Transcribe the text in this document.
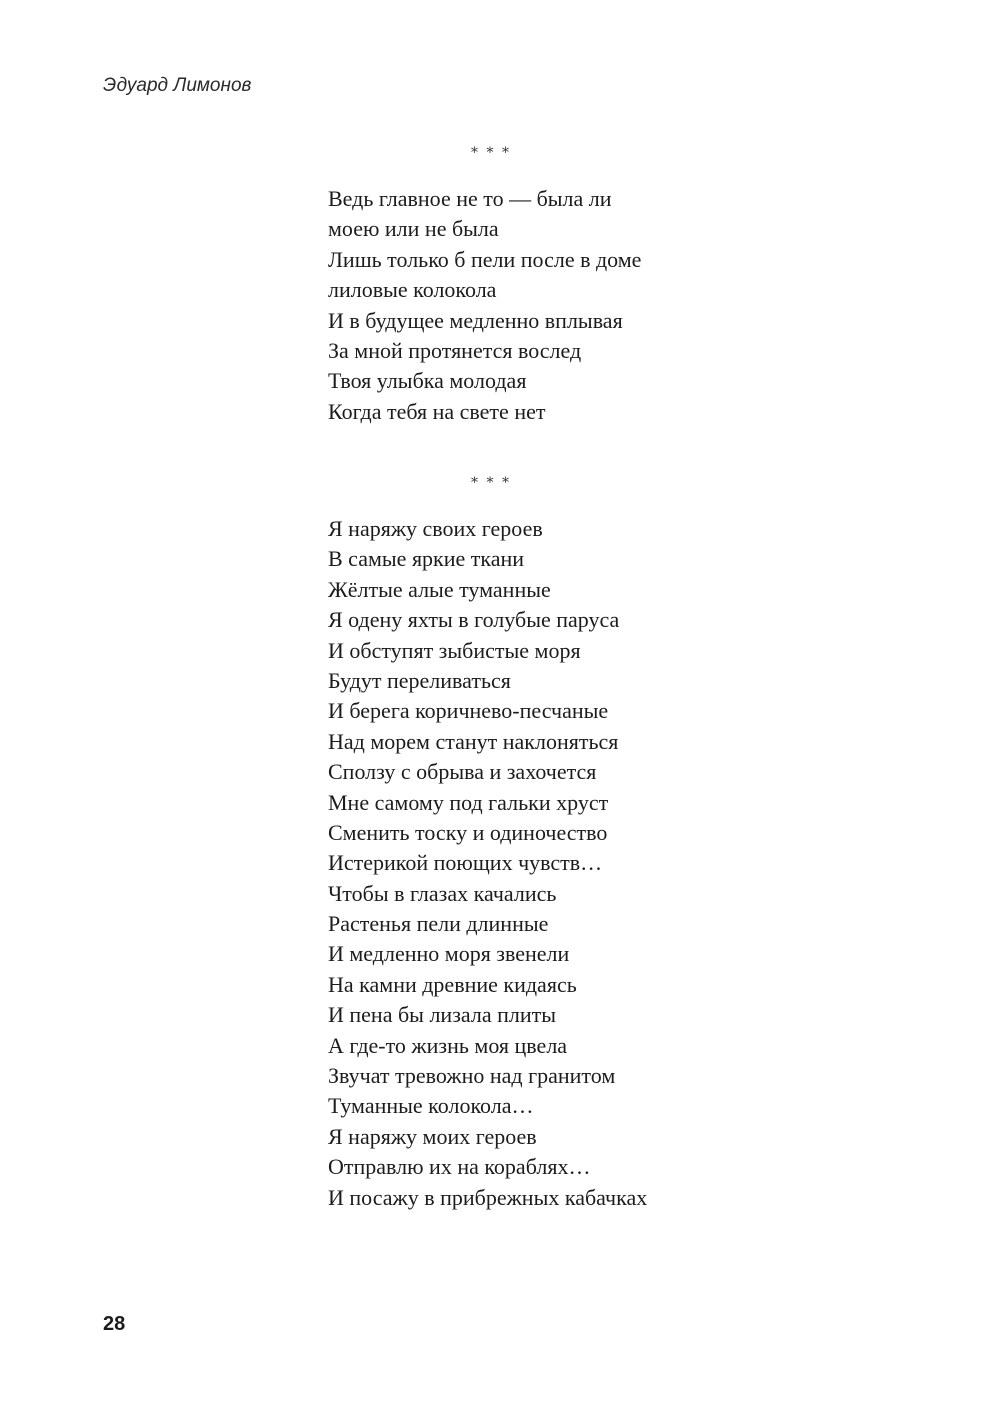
Эдуард Лимонов
* * *
Ведь главное не то — была ли
моею или не была
Лишь только б пели после в доме
лиловые колокола
И в будущее медленно вплывая
За мной протянется вослед
Твоя улыбка молодая
Когда тебя на свете нет
* * *
Я наряжу своих героев
В самые яркие ткани
Жёлтые алые туманные
Я одену яхты в голубые паруса
И обступят зыбистые моря
Будут переливаться
И берега коричнево-песчаные
Над морем станут наклоняться
Сползу с обрыва и захочется
Мне самому под гальки хруст
Сменить тоску и одиночество
Истерикой поющих чувств…
Чтобы в глазах качались
Растенья пели длинные
И медленно моря звенели
На камни древние кидаясь
И пена бы лизала плиты
А где-то жизнь моя цвела
Звучат тревожно над гранитом
Туманные колокола…
Я наряжу моих героев
Отправлю их на кораблях…
И посажу в прибрежных кабачках
28
